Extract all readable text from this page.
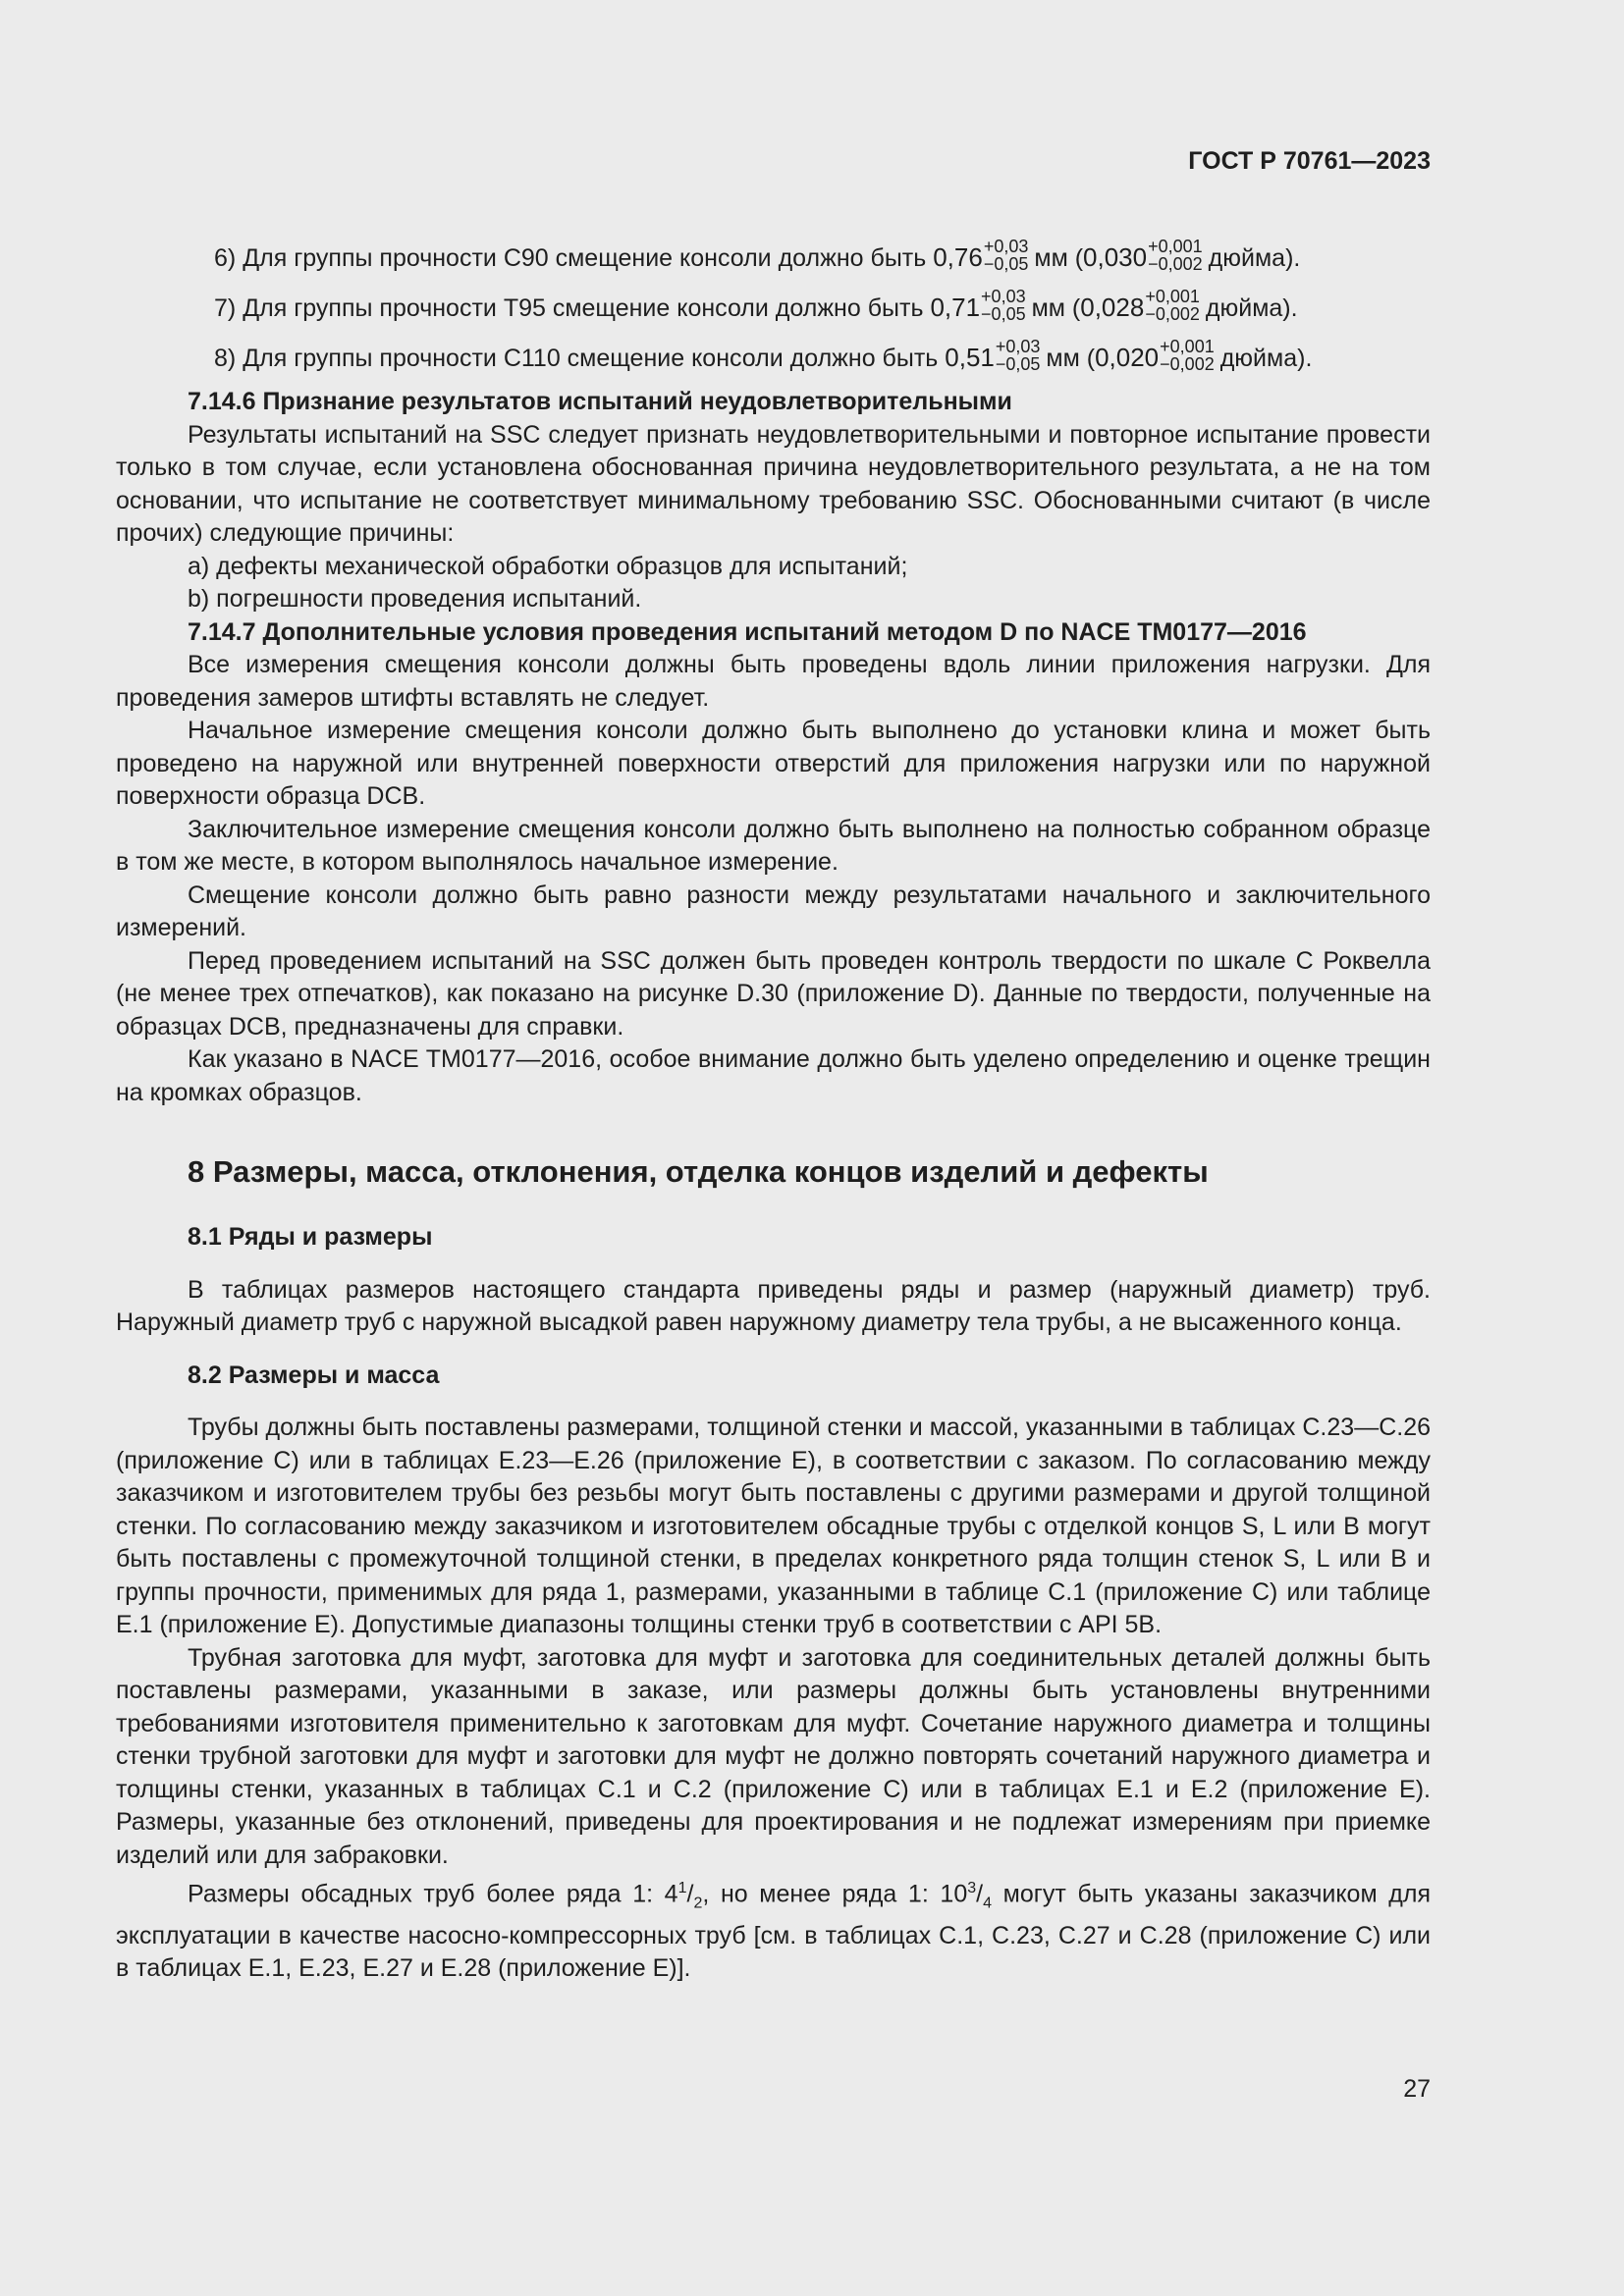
ГОСТ Р 70761—2023
6) Для группы прочности С90 смещение консоли должно быть 0,76 +0,03
−0,05 мм (0,030 +0,001
−0,002 дюйма).
7) Для группы прочности Т95 смещение консоли должно быть 0,71 +0,03
−0,05 мм (0,028 +0,001
−0,002 дюйма).
8) Для группы прочности С110 смещение консоли должно быть 0,51 +0,03
−0,05 мм (0,020 +0,001
−0,002 дюйма).

7.14.6 Признание результатов испытаний неудовлетворительными

Результаты испытаний на SSC следует признать неудовлетворительными и повторное испытание провести только в том случае, если установлена обоснованная причина неудовлетворительного результата, а не на том основании, что испытание не соответствует минимальному требованию SSC. Обоснованными считают (в числе прочих) следующие причины:

a) дефекты механической обработки образцов для испытаний;

b) погрешности проведения испытаний.

7.14.7 Дополнительные условия проведения испытаний методом D по NACE TM0177—2016

Все измерения смещения консоли должны быть проведены вдоль линии приложения нагрузки. Для проведения замеров штифты вставлять не следует.

Начальное измерение смещения консоли должно быть выполнено до установки клина и может быть проведено на наружной или внутренней поверхности отверстий для приложения нагрузки или по наружной поверхности образца DCB.

Заключительное измерение смещения консоли должно быть выполнено на полностью собранном образце в том же месте, в котором выполнялось начальное измерение.

Смещение консоли должно быть равно разности между результатами начального и заключительного измерений.

Перед проведением испытаний на SSC должен быть проведен контроль твердости по шкале С Роквелла (не менее трех отпечатков), как показано на рисунке D.30 (приложение D). Данные по твердости, полученные на образцах DCB, предназначены для справки.

Как указано в NACE TM0177—2016, особое внимание должно быть уделено определению и оценке трещин на кромках образцов.

8 Размеры, масса, отклонения, отделка концов изделий и дефекты

8.1 Ряды и размеры

В таблицах размеров настоящего стандарта приведены ряды и размер (наружный диаметр) труб. Наружный диаметр труб с наружной высадкой равен наружному диаметру тела трубы, а не высаженного конца.

8.2 Размеры и масса

Трубы должны быть поставлены размерами, толщиной стенки и массой, указанными в таблицах С.23—С.26 (приложение С) или в таблицах Е.23—Е.26 (приложение Е), в соответствии с заказом. По согласованию между заказчиком и изготовителем трубы без резьбы могут быть поставлены с другими размерами и другой толщиной стенки. По согласованию между заказчиком и изготовителем обсадные трубы с отделкой концов S, L или B могут быть поставлены с промежуточной толщиной стенки, в пределах конкретного ряда толщин стенок S, L или B и группы прочности, применимых для ряда 1, размерами, указанными в таблице С.1 (приложение С) или таблице Е.1 (приложение Е). Допустимые диапазоны толщины стенки труб в соответствии с API 5B.

Трубная заготовка для муфт, заготовка для муфт и заготовка для соединительных деталей должны быть поставлены размерами, указанными в заказе, или размеры должны быть установлены внутренними требованиями изготовителя применительно к заготовкам для муфт. Сочетание наружного диаметра и толщины стенки трубной заготовки для муфт и заготовки для муфт не должно повторять сочетаний наружного диаметра и толщины стенки, указанных в таблицах С.1 и С.2 (приложение С) или в таблицах Е.1 и Е.2 (приложение Е). Размеры, указанные без отклонений, приведены для проектирования и не подлежат измерениям при приемке изделий или для забраковки.

Размеры обсадных труб более ряда 1: $4^1/_2$, но менее ряда 1: $10^3/_4$ могут быть указаны заказчиком для эксплуатации в качестве насосно-компрессорных труб [см. в таблицах С.1, С.23, С.27 и С.28 (приложение С) или в таблицах Е.1, Е.23, Е.27 и Е.28 (приложение Е)].

27
